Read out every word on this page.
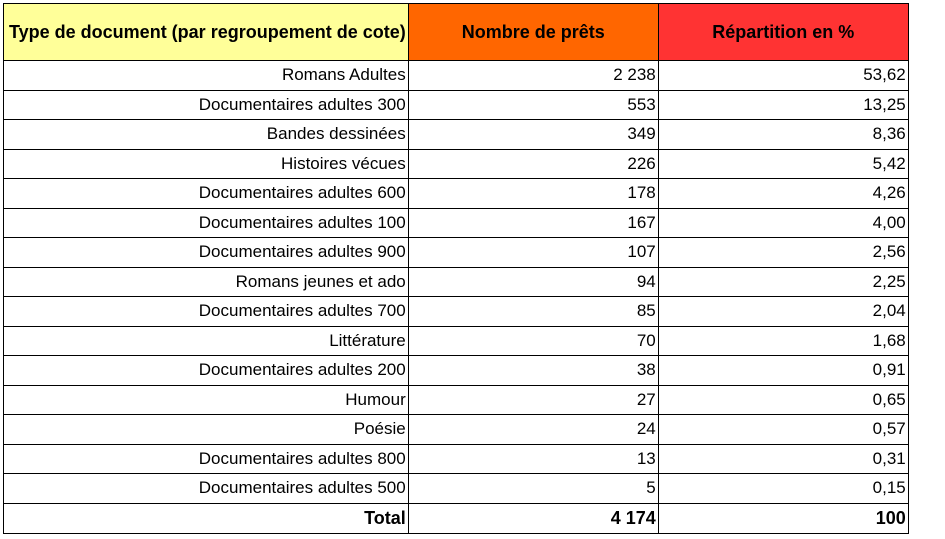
Type de document (par regroupement de cote)	Nombre de prêts	Répartition en %
Romans Adultes	2 238	53,62
Documentaires adultes 300	553	13,25
Bandes dessinées	349	8,36
Histoires vécues	226	5,42
Documentaires adultes 600	178	4,26
Documentaires adultes 100	167	4,00
Documentaires adultes 900	107	2,56
Romans jeunes et ado	94	2,25
Documentaires adultes 700	85	2,04
Littérature	70	1,68
Documentaires adultes 200	38	0,91
Humour	27	0,65
Poésie	24	0,57
Documentaires adultes 800	13	0,31
Documentaires adultes 500	5	0,15
Total	4 174	100
